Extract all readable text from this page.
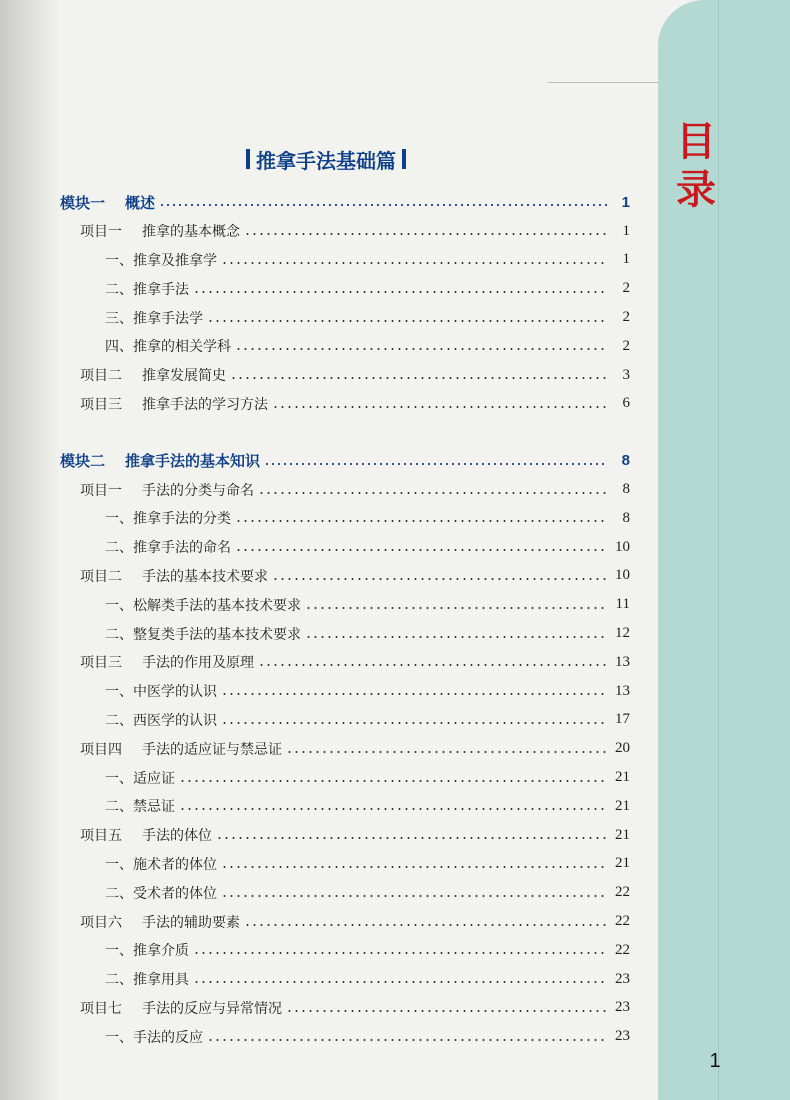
目
录
推拿手法基础篇
模块一 概述	1
项目一 推拿的基本概念	1
一、推拿及推拿学	1
二、推拿手法	2
三、推拿手法学	2
四、推拿的相关学科	2
项目二 推拿发展简史	3
项目三 推拿手法的学习方法	6
模块二 推拿手法的基本知识	8
项目一 手法的分类与命名	8
一、推拿手法的分类	8
二、推拿手法的命名	10
项目二 手法的基本技术要求	10
一、松解类手法的基本技术要求	11
二、整复类手法的基本技术要求	12
项目三 手法的作用及原理	13
一、中医学的认识	13
二、西医学的认识	17
项目四 手法的适应证与禁忌证	20
一、适应证	21
二、禁忌证	21
项目五 手法的体位	21
一、施术者的体位	21
二、受术者的体位	22
项目六 手法的辅助要素	22
一、推拿介质	22
二、推拿用具	23
项目七 手法的反应与异常情况	23
一、手法的反应	23
1
